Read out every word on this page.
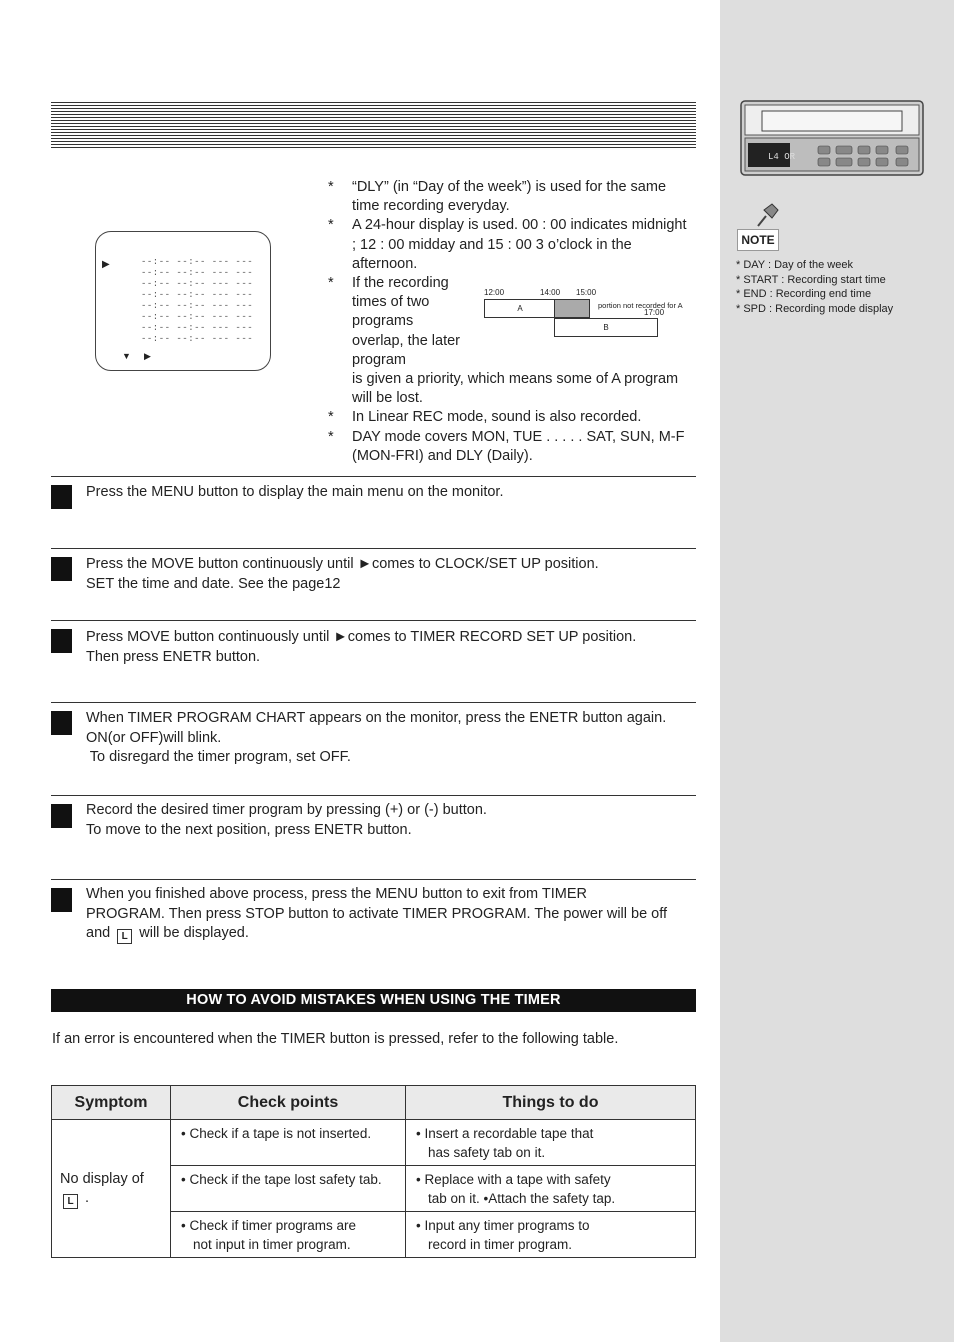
L4 OR
NOTE
* DAY : Day of the week
* START : Recording start time
* END : Recording end time
* SPD : Recording mode display
▶	--:-- --:-- --- ---
--:-- --:-- --- ---
--:-- --:-- --- ---
--:-- --:-- --- ---
--:-- --:-- --- ---
--:-- --:-- --- ---
--:-- --:-- --- ---
--:-- --:-- --- ---
▼ ▶
* “DLY” (in “Day of the week”) is used for the same time recording everyday.
* A 24-hour display is used. 00 : 00 indicates midnight ; 12 : 00 midday and 15 : 00 3 o’clock in the afternoon.
* If the recording times of two programs overlap, the later program
is given a priority, which means some of A program will be lost.
* In Linear REC mode, sound is also recorded.
* DAY mode covers MON, TUE . . . . . SAT, SUN, M-F (MON-FRI) and DLY (Daily).
12:00	14:00 15:00
17:00
A	portion not recorded for A
B
Press the MENU button to display the main menu on the monitor.
Press the MOVE button continuously until ►comes to CLOCK/SET UP position.
SET the time and date. See the page12
Press MOVE button continuously until ►comes to TIMER RECORD SET UP position.
Then press ENETR button.
When TIMER PROGRAM CHART appears on the monitor, press the ENETR button again.
ON(or OFF)will blink.
To disregard the timer program, set OFF.
Record the desired timer program by pressing (+) or (-) button.
To move to the next position, press ENETR button.
When you finished above process, press the MENU button to exit from TIMER
PROGRAM. Then press STOP button to activate TIMER PROGRAM. The power will be off
and L will be displayed.
HOW TO AVOID MISTAKES WHEN USING THE TIMER
If an error is encountered when the TIMER button is pressed, refer to the following table.
Symptom	Check points	Things to do
No display of L .	• Check if a tape is not inserted.	• Insert a recordable tape that
has safety tab on it.

	• Check if the tape lost safety tab.	• Replace with a tape with safety
tab on it. •Attach the safety tap.

	• Check if timer programs are
not input in timer program.	• Input any timer programs to
record in timer program.
